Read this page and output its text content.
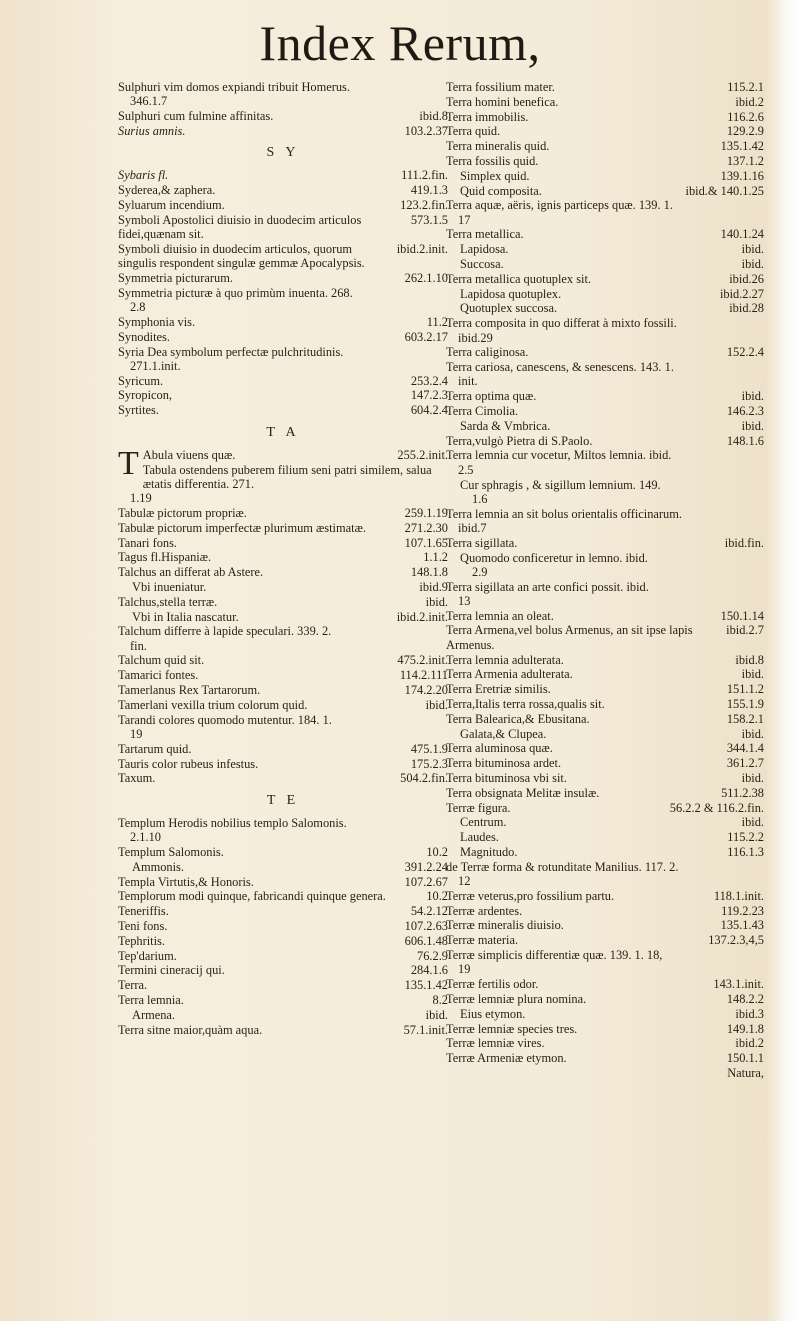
Index Rerum,
Sulphuri vim domos expiandi tribuit Homerus.
346.1.7
ibid.8
Sulphuri cum fulmine affinitas.
103.2.37
Surius amnis.
S Y
111.2.fin.
Sybaris fl.
419.1.3
Syderea,& zaphera.
123.2.fin.
Syluarum incendium.
573.1.5
Symboli Apostolici diuisio in duodecim articulos fidei,quænam sit.
ibid.2.init.
Symboli diuisio in duodecim articulos, quorum singulis respondent singulæ gemmæ Apocalypsis.
262.1.10
Symmetria picturarum.
Symmetria picturæ à quo primùm inuenta. 268.
2.8
11.2
Symphonia vis.
603.2.17
Synodites.
Syria Dea symbolum perfectæ pulchritudinis.
271.1.init.
253.2.4
Syricum.
147.2.3
Syropicon,
604.2.4
Syrtites.
T A
T	255.2.init.
Abula viuens quæ.
Tabula ostendens puberem filium seni patri similem, salua ætatis differentia. 271.
1.19
259.1.19
Tabulæ pictorum propriæ.
271.2.30
Tabulæ pictorum imperfectæ plurimum æstimatæ.
107.1.65
Tanari fons.
1.1.2
Tagus fl.Hispaniæ.
148.1.8
Talchus an differat ab Astere.
ibid.9
Vbi inueniatur.
ibid.
Talchus,stella terræ.
ibid.2.init.
Vbi in Italia nascatur.
Talchum differre à lapide speculari. 339. 2.
fin.
475.2.init.
Talchum quid sit.
114.2.111
Tamarici fontes.
174.2.20
Tamerlanus Rex Tartarorum.
ibid.
Tamerlani vexilla trium colorum quid.
Tarandi colores quomodo mutentur. 184. 1.
19
475.1.9
Tartarum quid.
175.2.3
Tauris color rubeus infestus.
504.2.fin.
Taxum.
T E
Templum Herodis nobilius templo Salomonis.
2.1.10
10.2
Templum Salomonis.
391.2.24
Ammonis.
107.2.67
Templa Virtutis,& Honoris.
10.2
Templorum modi quinque, fabricandi quinque genera.
54.2.12
Teneriffis.
107.2.63
Teni fons.
606.1.48
Tephritis.
76.2.9
Tep'darium.
284.1.6
Termini cineracij qui.
135.1.42
Terra.
8.2
Terra lemnia.
ibid.
Armena.
57.1.init.
Terra sitne maior,quàm aqua.
115.2.1
Terra fossilium mater.
ibid.2
Terra homini benefica.
116.2.6
Terra immobilis.
129.2.9
Terra quid.
135.1.42
Terra mineralis quid.
137.1.2
Terra fossilis quid.
139.1.16
Simplex quid.
ibid.& 140.1.25
Quid composita.
Terra aquæ, aëris, ignis particeps quæ. 139. 1.
17
140.1.24
Terra metallica.
ibid.
Lapidosa.
ibid.
Succosa.
ibid.26
Terra metallica quotuplex sit.
ibid.2.27
Lapidosa quotuplex.
ibid.28
Quotuplex succosa.
Terra composita in quo differat à mixto fossili.
ibid.29
152.2.4
Terra caliginosa.
Terra cariosa, canescens, & senescens. 143. 1.
init.
ibid.
Terra optima quæ.
146.2.3
Terra Cimolia.
ibid.
Sarda & Vmbrica.
148.1.6
Terra,vulgò Pietra di S.Paolo.
Terra lemnia cur vocetur, Miltos lemnia. ibid.
2.5
Cur sphragis , & sigillum lemnium. 149.
1.6
Terra lemnia an sit bolus orientalis officinarum.
ibid.7
ibid.fin.
Terra sigillata.
Quomodo conficeretur in lemno. ibid.
2.9
Terra sigillata an arte confici possit. ibid.
13
150.1.14
Terra lemnia an oleat.
ibid.2.7
Terra Armena,vel bolus Armenus, an sit ipse lapis Armenus.
ibid.8
Terra lemnia adulterata.
ibid.
Terra Armenia adulterata.
151.1.2
Terra Eretriæ similis.
155.1.9
Terra,Italis terra rossa,qualis sit.
158.2.1
Terra Balearica,& Ebusitana.
ibid.
Galata,& Clupea.
344.1.4
Terra aluminosa quæ.
361.2.7
Terra bituminosa ardet.
ibid.
Terra bituminosa vbi sit.
511.2.38
Terra obsignata Melitæ insulæ.
56.2.2 & 116.2.fin.
Terræ figura.
ibid.
Centrum.
115.2.2
Laudes.
116.1.3
Magnitudo.
de Terræ forma & rotunditate Manilius. 117. 2.
12
118.1.init.
Terræ veterus,pro fossilium partu.
119.2.23
Terræ ardentes.
135.1.43
Terræ mineralis diuisio.
137.2.3,4,5
Terræ materia.
Terræ simplicis differentiæ quæ. 139. 1. 18,
19
143.1.init.
Terræ fertilis odor.
148.2.2
Terræ lemniæ plura nomina.
ibid.3
Eius etymon.
149.1.8
Terræ lemniæ species tres.
ibid.2
Terræ lemniæ vires.
150.1.1
Terræ Armeniæ etymon.
Natura,
